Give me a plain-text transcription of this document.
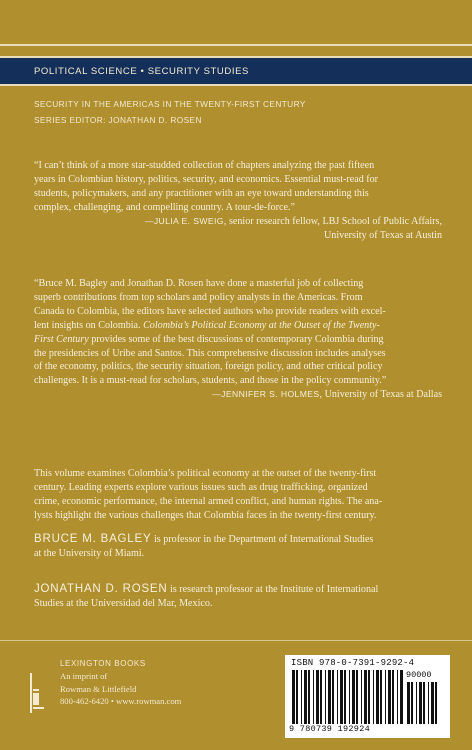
POLITICAL SCIENCE • SECURITY STUDIES
SECURITY IN THE AMERICAS IN THE TWENTY-FIRST CENTURY
SERIES EDITOR: JONATHAN D. ROSEN
“I can’t think of a more star-studded collection of chapters analyzing the past fifteen
years in Colombian history, politics, security, and economics. Essential must-read for
students, policymakers, and any practitioner with an eye toward understanding this
complex, challenging, and compelling country. A tour-de-force.”
—JULIA E. SWEIG, senior research fellow, LBJ School of Public Affairs,
University of Texas at Austin
“Bruce M. Bagley and Jonathan D. Rosen have done a masterful job of collecting
superb contributions from top scholars and policy analysts in the Americas. From
Canada to Colombia, the editors have selected authors who provide readers with excel-
lent insights on Colombia. Colombia’s Political Economy at the Outset of the Twenty-
First Century provides some of the best discussions of contemporary Colombia during
the presidencies of Uribe and Santos. This comprehensive discussion includes analyses
of the economy, politics, the security situation, foreign policy, and other critical policy
challenges. It is a must-read for scholars, students, and those in the policy community.”
—JENNIFER S. HOLMES, University of Texas at Dallas
This volume examines Colombia’s political economy at the outset of the twenty-first
century. Leading experts explore various issues such as drug trafficking, organized
crime, economic performance, the internal armed conflict, and human rights. The ana-
lysts highlight the various challenges that Colombia faces in the twenty-first century.
BRUCE M. BAGLEY is professor in the Department of International Studies
at the University of Miami.
JONATHAN D. ROSEN is research professor at the Institute of International
Studies at the Universidad del Mar, Mexico.
LEXINGTON BOOKS
An imprint of
Rowman & Littlefield
800-462-6420 • www.rowman.com
ISBN 978-0-7391-9292-4
90000
9 780739 192924
